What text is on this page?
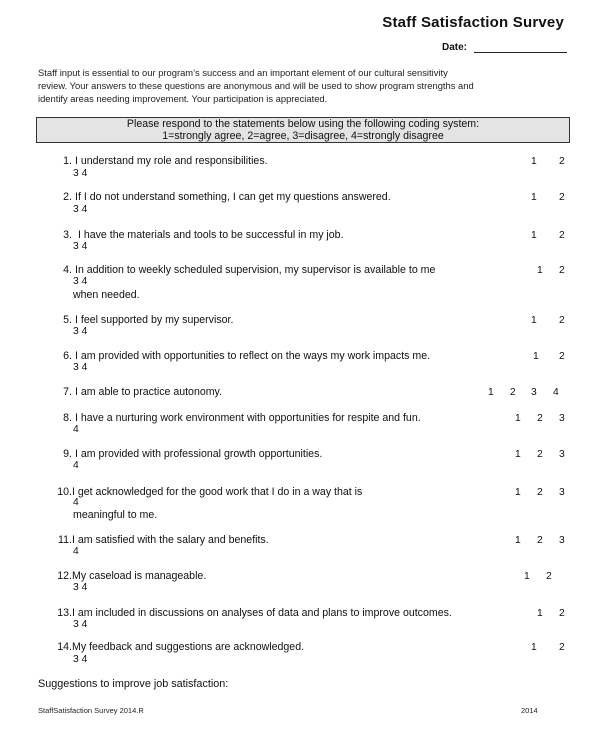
Staff Satisfaction Survey
Date:
Staff input is essential to our program’s success and an important element of our cultural sensitivity
review. Your answers to these questions are anonymous and will be used to show program strengths and
identify areas needing improvement. Your participation is appreciated.
Please respond to the statements below using the following coding system:
1=strongly agree, 2=agree, 3=disagree, 4=strongly disagree
1. I understand my role and responsibilities.	1 2
3 4
2. If I do not understand something, I can get my questions answered.	1 2
3 4
3. I have the materials and tools to be successful in my job.	1 2
3 4
4. In addition to weekly scheduled supervision, my supervisor is available to me	1 2
3 4
when needed.
5. I feel supported by my supervisor.	1 2
3 4
6. I am provided with opportunities to reflect on the ways my work impacts me.	1 2
3 4
7. I am able to practice autonomy.	1 2 3 4
8. I have a nurturing work environment with opportunities for respite and fun.	1 2 3
4
9. I am provided with professional growth opportunities.	1 2 3
4
10.I get acknowledged for the good work that I do in a way that is	1 2 3
4
meaningful to me.
11.I am satisfied with the salary and benefits.	1 2 3
4
12.My caseload is manageable.	1 2
3 4
13.I am included in discussions on analyses of data and plans to improve outcomes.	1 2
3 4
14.My feedback and suggestions are acknowledged.	1 2
3 4
Suggestions to improve job satisfaction:
StaffSatisfaction Survey 2014.R	2014
